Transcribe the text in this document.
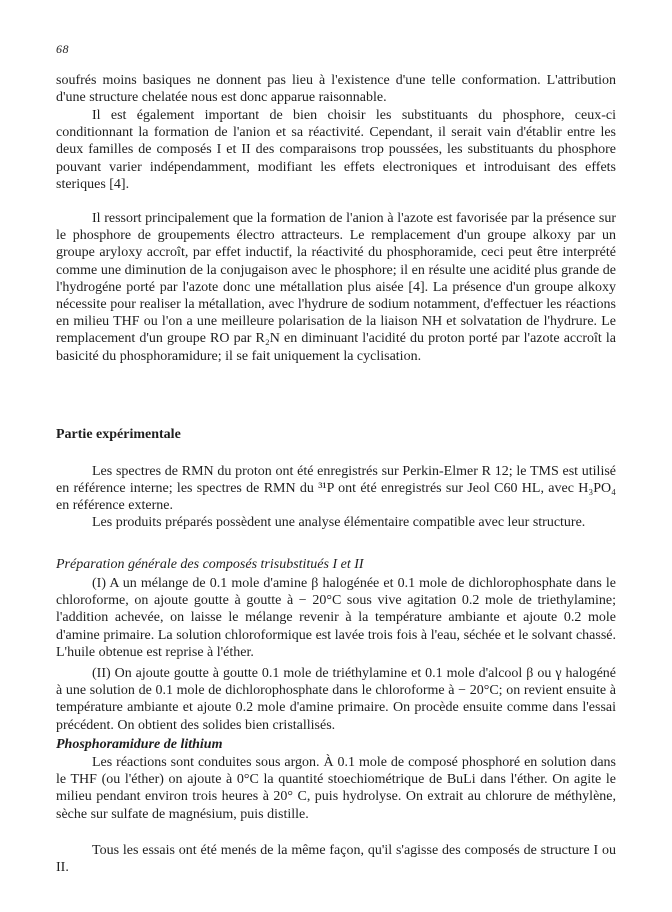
68

soufrés moins basiques ne donnent pas lieu à l'existence d'une telle conformation. L'attribution d'une structure chelatée nous est donc apparue raisonnable.

Il est également important de bien choisir les substituants du phosphore, ceux-ci conditionnant la formation de l'anion et sa réactivité. Cependant, il serait vain d'établir entre les deux familles de composés I et II des comparaisons trop poussées, les substituants du phosphore pouvant varier indépendamment, modifiant les effets electroniques et introduisant des effets steriques [4].

Il ressort principalement que la formation de l'anion à l'azote est favorisée par la présence sur le phosphore de groupements électro attracteurs. Le remplacement d'un groupe alkoxy par un groupe aryloxy accroît, par effet inductif, la réactivité du phosphoramide, ceci peut être interprété comme une diminution de la conjugaison avec le phosphore; il en résulte une acidité plus grande de l'hydrogéne porté par l'azote donc une métallation plus aisée [4]. La présence d'un groupe alkoxy nécessite pour realiser la métallation, avec l'hydrure de sodium notamment, d'effectuer les réactions en milieu THF ou l'on a une meilleure polarisation de la liaison NH et solvatation de l'hydrure. Le remplacement d'un groupe RO par R₂N en diminuant l'acidité du proton porté par l'azote accroît la basicité du phosphoramidure; il se fait uniquement la cyclisation.

Partie expérimentale

Les spectres de RMN du proton ont été enregistrés sur Perkin-Elmer R 12; le TMS est utilisé en référence interne; les spectres de RMN du ³¹P ont été enregistrés sur Jeol C60 HL, avec H₃PO₄ en référence externe.

Les produits préparés possèdent une analyse élémentaire compatible avec leur structure.

Préparation générale des composés trisubstitués I et II

(I) A un mélange de 0.1 mole d'amine β halogénée et 0.1 mole de dichlorophosphate dans le chloroforme, on ajoute goutte à goutte à − 20°C sous vive agitation 0.2 mole de triethylamine; l'addition achevée, on laisse le mélange revenir à la température ambiante et ajoute 0.2 mole d'amine primaire. La solution chloroformique est lavée trois fois à l'eau, séchée et le solvant chassé. L'huile obtenue est reprise à l'éther.

(II) On ajoute goutte à goutte 0.1 mole de triéthylamine et 0.1 mole d'alcool β ou γ halogéné à une solution de 0.1 mole de dichlorophosphate dans le chloroforme à − 20°C; on revient ensuite à température ambiante et ajoute 0.2 mole d'amine primaire. On procède ensuite comme dans l'essai précédent. On obtient des solides bien cristallisés.

Phosphoramidure de lithium

Les réactions sont conduites sous argon. À 0.1 mole de composé phosphoré en solution dans le THF (ou l'éther) on ajoute à 0°C la quantité stoechiométrique de BuLi dans l'éther. On agite le milieu pendant environ trois heures à 20° C, puis hydrolyse. On extrait au chlorure de méthylène, sèche sur sulfate de magnésium, puis distille.

Tous les essais ont été menés de la même façon, qu'il s'agisse des composés de structure I ou II.
